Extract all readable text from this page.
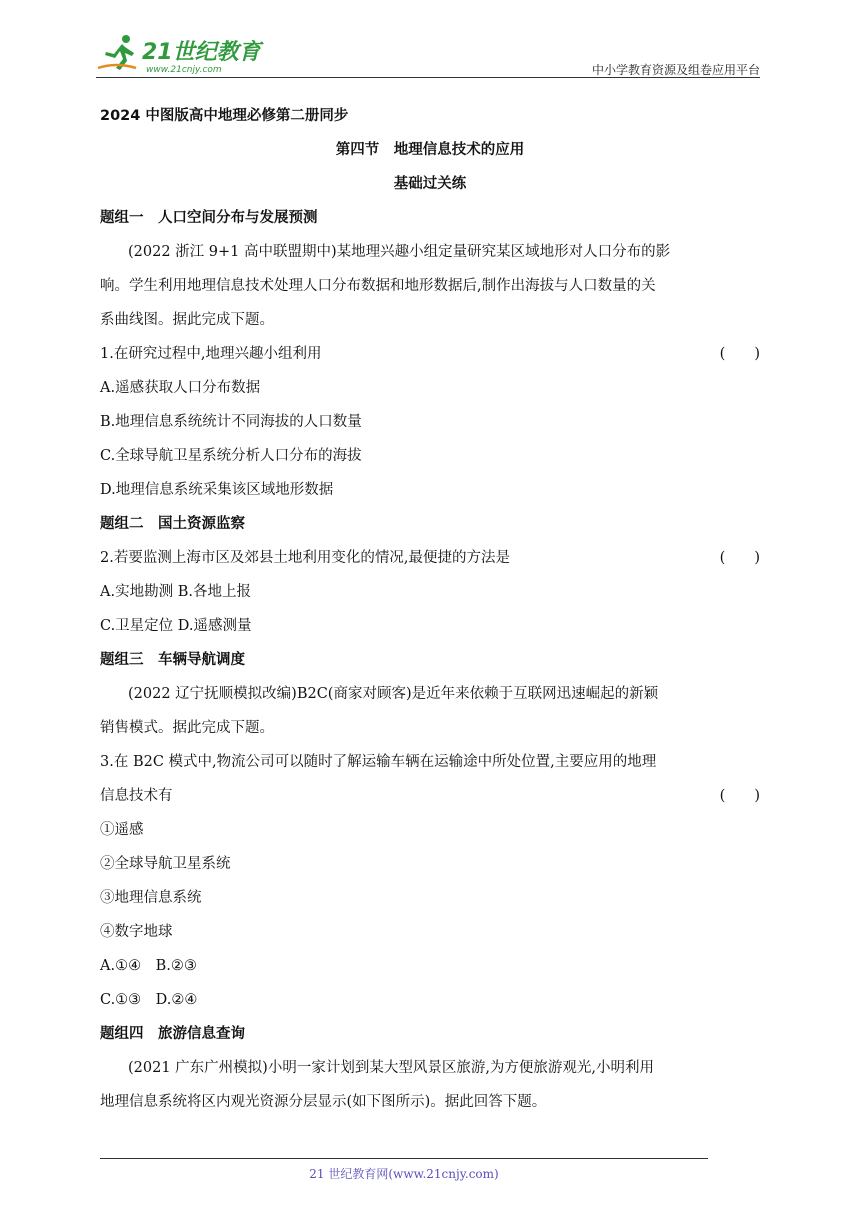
21世纪教育
www.21cnjy.com	中小学教育资源及组卷应用平台
2024 中图版高中地理必修第二册同步
第四节　地理信息技术的应用
基础过关练
题组一　人口空间分布与发展预测
(2022 浙江 9+1 高中联盟期中)某地理兴趣小组定量研究某区域地形对人口分布的影
响。学生利用地理信息技术处理人口分布数据和地形数据后,制作出海拔与人口数量的关
系曲线图。据此完成下题。
1.在研究过程中,地理兴趣小组利用	(　　)
A.遥感获取人口分布数据
B.地理信息系统统计不同海拔的人口数量
C.全球导航卫星系统分析人口分布的海拔
D.地理信息系统采集该区域地形数据
题组二　国土资源监察
2.若要监测上海市区及郊县土地利用变化的情况,最便捷的方法是	(　　)
A.实地勘测 B.各地上报
C.卫星定位 D.遥感测量
题组三　车辆导航调度
(2022 辽宁抚顺模拟改编)B2C(商家对顾客)是近年来依赖于互联网迅速崛起的新颖
销售模式。据此完成下题。
3.在 B2C 模式中,物流公司可以随时了解运输车辆在运输途中所处位置,主要应用的地理
信息技术有	(　　)
①遥感
②全球导航卫星系统
③地理信息系统
④数字地球
A.①④　B.②③
C.①③　D.②④
题组四　旅游信息查询
(2021 广东广州模拟)小明一家计划到某大型风景区旅游,为方便旅游观光,小明利用
地理信息系统将区内观光资源分层显示(如下图所示)。据此回答下题。
21 世纪教育网(www.21cnjy.com)
